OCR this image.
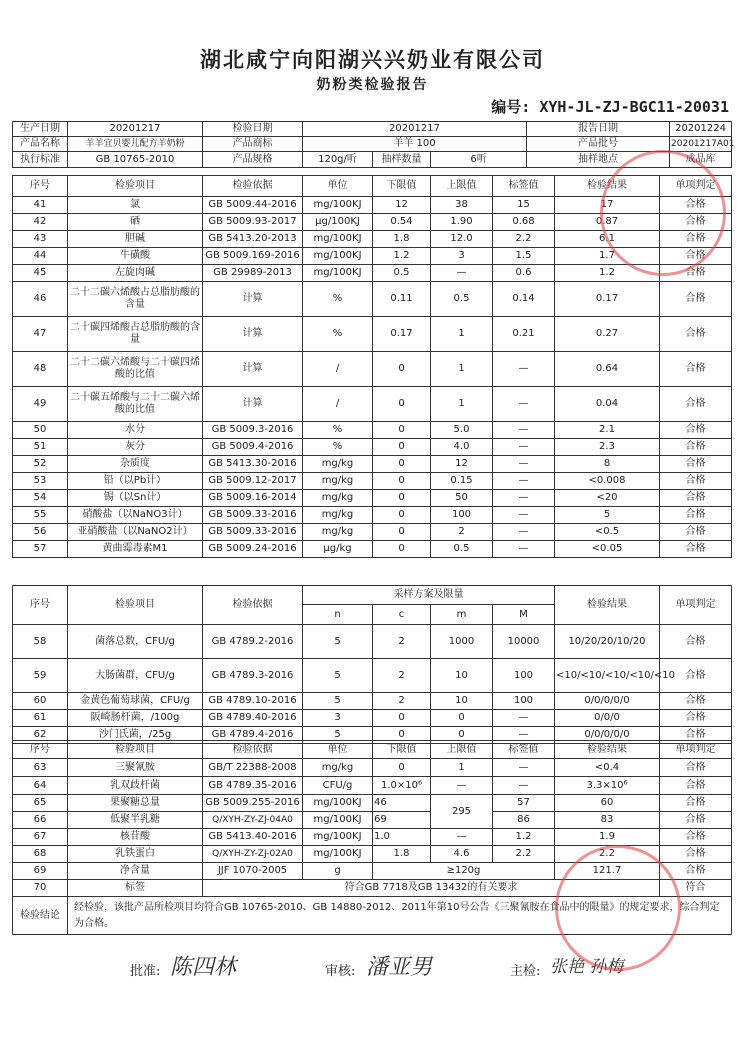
湖北咸宁向阳湖兴兴奶业有限公司
奶粉类检验报告
编号: XYH-JL-ZJ-BGC11-20031
生产日期	20201217	检验日期	20201217			报告日期	20201224
产品名称	羊羊宜贝婴儿配方羊奶粉	产品商标	羊羊 100			产品批号	20201217A01
执行标准	GB 10765-2010	产品规格	120g/听	抽样数量	6听	抽样地点	成品库
序号	检验项目	检验依据	单位	下限值	上限值	标签值	检验结果	单项判定
41	氯	GB 5009.44-2016	mg/100KJ	12	38	15	17	合格
42	硒	GB 5009.93-2017	μg/100KJ	0.54	1.90	0.68	0.87	合格
43	胆碱	GB 5413.20-2013	mg/100KJ	1.8	12.0	2.2	6.1	合格
44	牛磺酸	GB 5009.169-2016	mg/100KJ	1.2	3	1.5	1.7	合格
45	左旋肉碱	GB 29989-2013	mg/100KJ	0.5	—	0.6	1.2	合格
46	二十二碳六烯酸占总脂肪酸的含量	计算	%	0.11	0.5	0.14	0.17	合格
47	二十碳四烯酸占总脂肪酸的含量	计算	%	0.17	1	0.21	0.27	合格
48	二十二碳六烯酸与二十碳四烯酸的比值	计算	/	0	1	—	0.64	合格
49	二十碳五烯酸与二十二碳六烯酸的比值	计算	/	0	1	—	0.04	合格
50	水分	GB 5009.3-2016	%	0	5.0	—	2.1	合格
51	灰分	GB 5009.4-2016	%	0	4.0	—	2.3	合格
52	杂质度	GB 5413.30-2016	mg/kg	0	12	—	8	合格
53	铅（以Pb计）	GB 5009.12-2017	mg/kg	0	0.15	—	<0.008	合格
54	锡（以Sn计）	GB 5009.16-2014	mg/kg	0	50	—	<20	合格
55	硝酸盐（以NaNO3计）	GB 5009.33-2016	mg/kg	0	100	—	5	合格
56	亚硝酸盐（以NaNO2计）	GB 5009.33-2016	mg/kg	0	2	—	<0.5	合格
57	黄曲霉毒素M1	GB 5009.24-2016	μg/kg	0	0.5	—	<0.05	合格
序号	检验项目	检验依据	采样方案及限量				检验结果	单项判定
			n	c	m	M		
58	菌落总数，CFU/g	GB 4789.2-2016	5	2	1000	10000	10/20/20/10/20	合格
59	大肠菌群，CFU/g	GB 4789.3-2016	5	2	10	100	<10/<10/<10/<10/<10	合格
60	金黄色葡萄球菌，CFU/g	GB 4789.10-2016	5	2	10	100	0/0/0/0/0	合格
61	阪崎肠杆菌，/100g	GB 4789.40-2016	3	0	0	—	0/0/0	合格
62	沙门氏菌，/25g	GB 4789.4-2016	5	0	0	—	0/0/0/0/0	合格
序号	检验项目	检验依据	单位	下限值	上限值	标签值	检验结果	单项判定
63	三聚氰胺	GB/T 22388-2008	mg/kg	0	1	—	<0.4	合格
64	乳双歧杆菌	GB 4789.35-2016	CFU/g	1.0×10⁶	—	—	3.3×10⁶	合格
65	果聚糖总量	GB 5009.255-2016	mg/100KJ	46	295	57	60	合格
66	低聚半乳糖	Q/XYH-ZY-ZJ-04A0	mg/100KJ	69		86	83	合格
67	核苷酸	GB 5413.40-2016	mg/100KJ	1.0	—	1.2	1.9	合格
68	乳铁蛋白	Q/XYH-ZY-ZJ-02A0	mg/100KJ	1.8	4.6	2.2	2.2	合格
69	净含量	JJF 1070-2005	g	≥120g			121.7	合格
70	标签	符合GB 7718及GB 13432的有关要求						符合
检验结论	经检验，该批产品所检项目均符合GB 10765-2010、GB 14880-2012、2011年第10号公告《三聚氰胺在食品中的限量》的规定要求，综合判定为合格。							
批准: 陈四林	审核: 潘亚男	主检: 张艳 孙梅
